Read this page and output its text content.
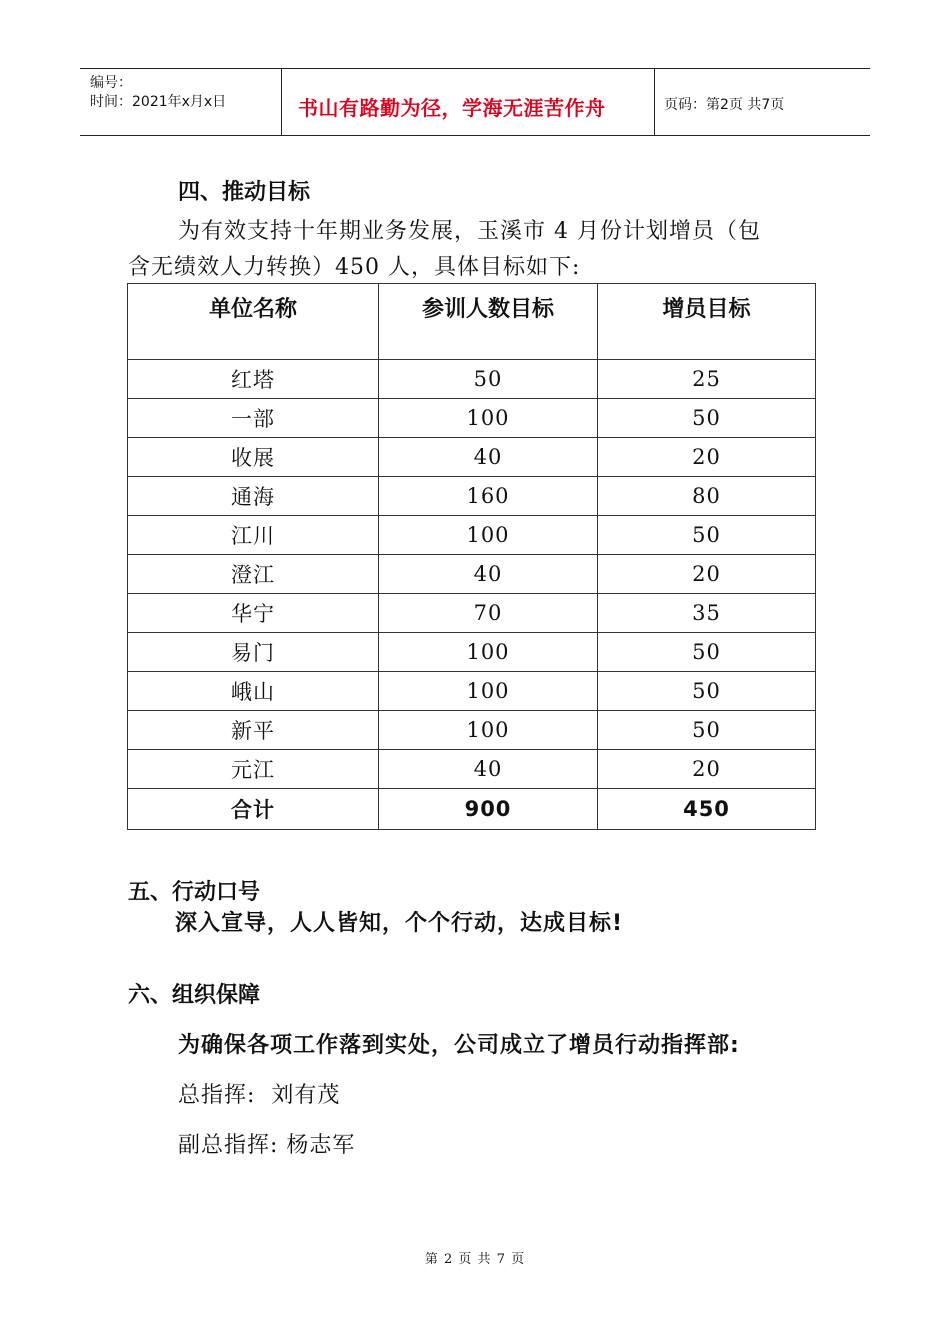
编号：
时间：2021年x月x日	书山有路勤为径，学海无涯苦作舟	页码：第2页 共7页
四、推动目标
为有效支持十年期业务发展，玉溪市 4 月份计划增员（包
含无绩效人力转换）450 人，具体目标如下:
单位名称	参训人数目标	增员目标
红塔	50	25
一部	100	50
收展	40	20
通海	160	80
江川	100	50
澄江	40	20
华宁	70	35
易门	100	50
峨山	100	50
新平	100	50
元江	40	20
合计	900	450
五、行动口号
深入宣导，人人皆知，个个行动，达成目标!
六、组织保障
为确保各项工作落到实处，公司成立了增员行动指挥部:
总指挥:  刘有茂
副总指挥: 杨志军
第 2 页 共 7 页
